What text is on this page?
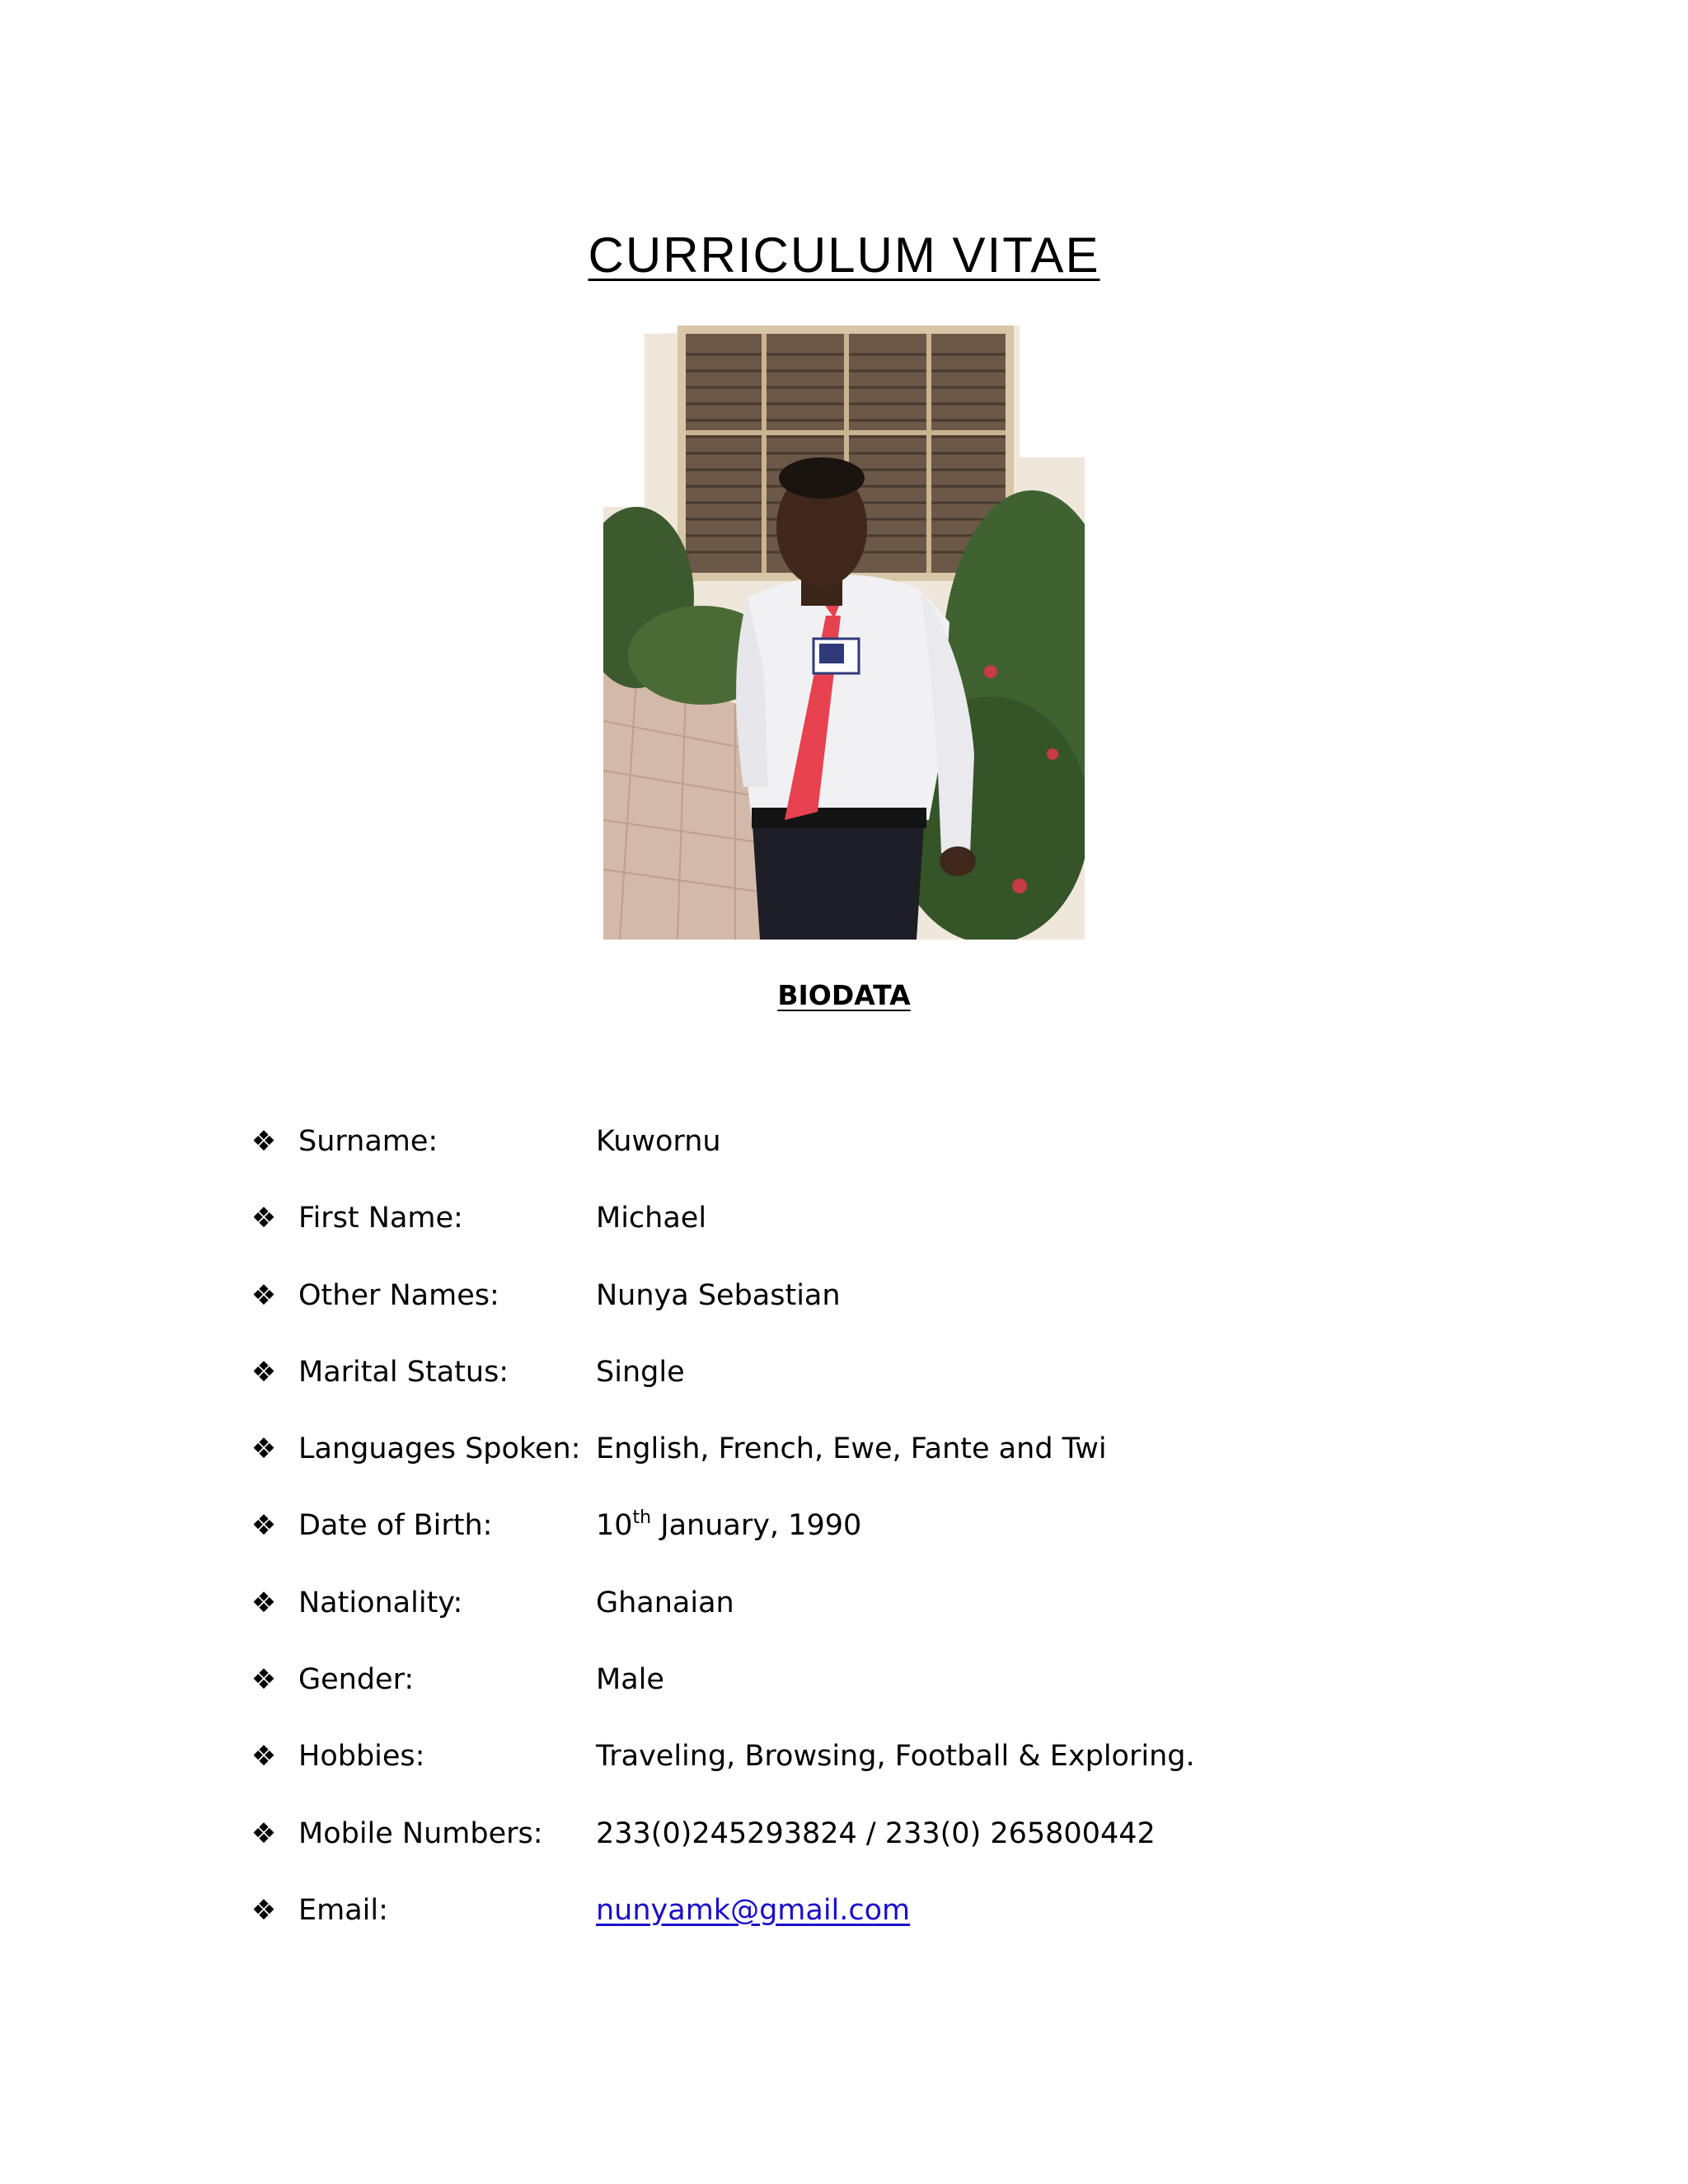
CURRICULUM VITAE
BIODATA
❖ Surname:	Kuwornu
❖ First Name:	Michael
❖ Other Names:	Nunya Sebastian
❖ Marital Status:	Single
❖ Languages Spoken: English, French, Ewe, Fante and Twi
❖ Date of Birth:	10th January, 1990
❖ Nationality:	Ghanaian
❖ Gender:	Male
❖ Hobbies:	Traveling, Browsing, Football & Exploring.
❖ Mobile Numbers: 233(0)245293824 / 233(0) 265800442
❖ Email:	nunyamk@gmail.com
